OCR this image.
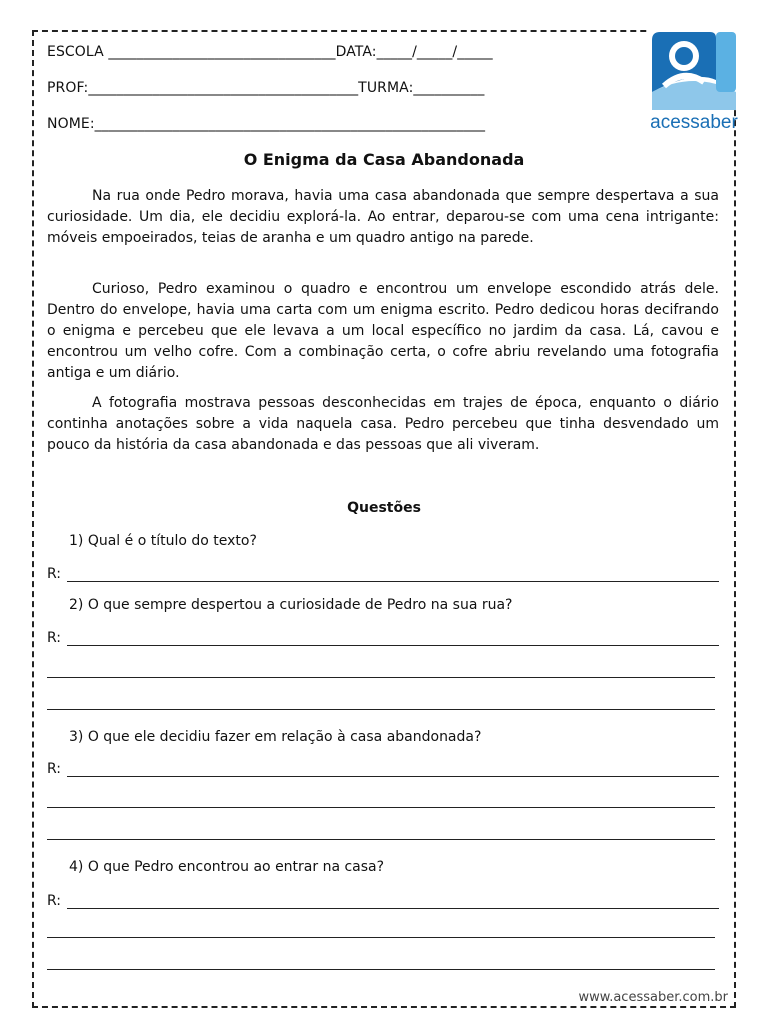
ESCOLA ________________________________DATA:_____/_____/_____
PROF:______________________________________TURMA:__________
NOME:_______________________________________________________	acessaber
O Enigma da Casa Abandonada

Na rua onde Pedro morava, havia uma casa abandonada que sempre despertava a sua curiosidade. Um dia, ele decidiu explorá-la. Ao entrar, deparou-se com uma cena intrigante: móveis empoeirados, teias de aranha e um quadro antigo na parede.

Curioso, Pedro examinou o quadro e encontrou um envelope escondido atrás dele. Dentro do envelope, havia uma carta com um enigma escrito. Pedro dedicou horas decifrando o enigma e percebeu que ele levava a um local específico no jardim da casa. Lá, cavou e encontrou um velho cofre. Com a combinação certa, o cofre abriu revelando uma fotografia antiga e um diário.

A fotografia mostrava pessoas desconhecidas em trajes de época, enquanto o diário continha anotações sobre a vida naquela casa. Pedro percebeu que tinha desvendado um pouco da história da casa abandonada e das pessoas que ali viveram.

Questões
1) Qual é o título do texto?
R:
2) O que sempre despertou a curiosidade de Pedro na sua rua?
R:
3) O que ele decidiu fazer em relação à casa abandonada?
R:
4) O que Pedro encontrou ao entrar na casa?
R:
www.acessaber.com.br
